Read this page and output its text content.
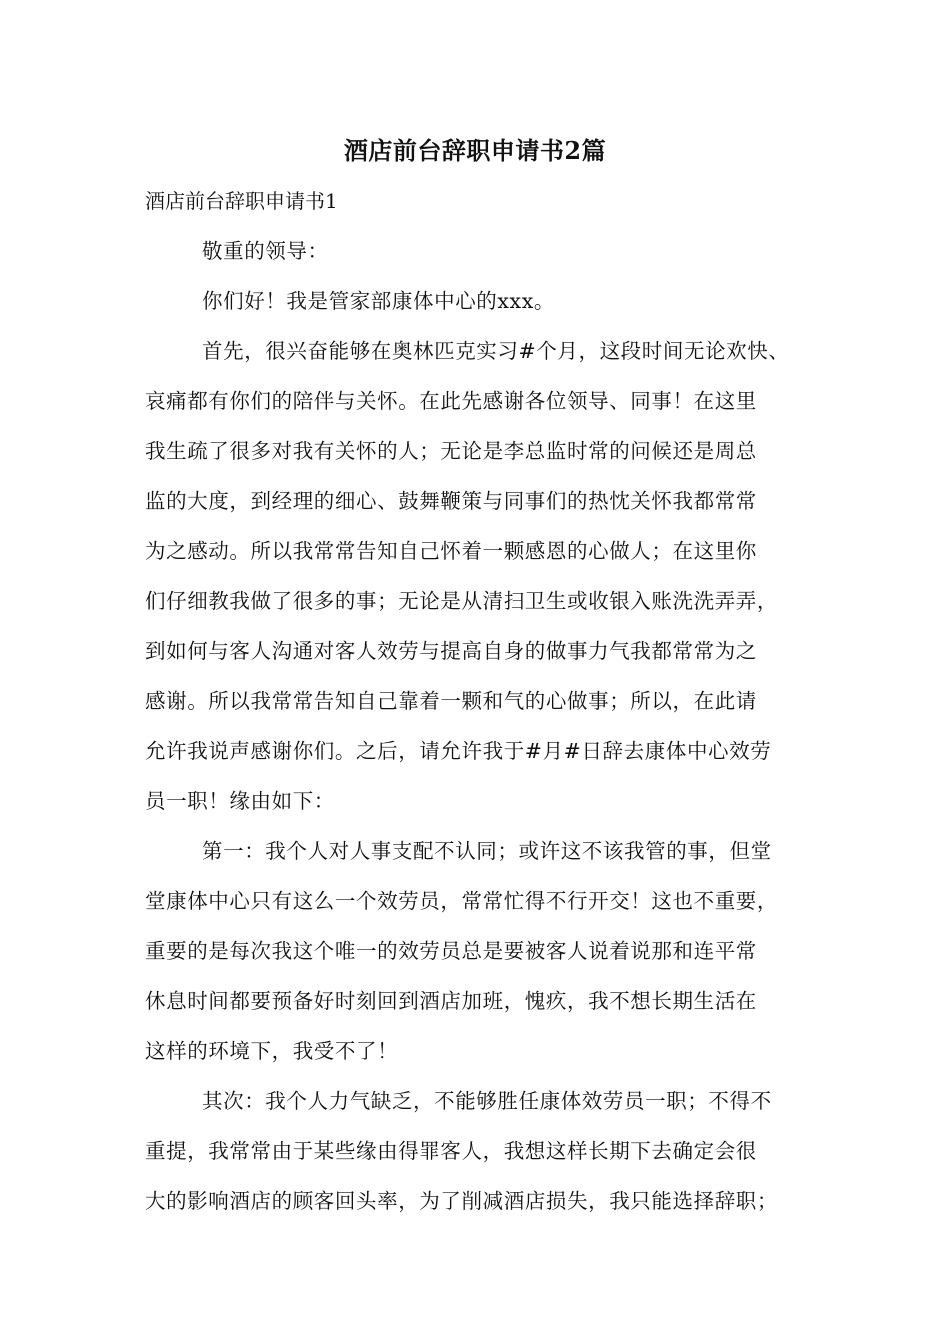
酒店前台辞职申请书2篇
酒店前台辞职申请书1
敬重的领导：
你们好！我是管家部康体中心的xxx。
首先，很兴奋能够在奥林匹克实习#个月，这段时间无论欢快、
哀痛都有你们的陪伴与关怀。在此先感谢各位领导、同事！在这里
我生疏了很多对我有关怀的人；无论是李总监时常的问候还是周总
监的大度，到经理的细心、鼓舞鞭策与同事们的热忱关怀我都常常
为之感动。所以我常常告知自己怀着一颗感恩的心做人；在这里你
们仔细教我做了很多的事；无论是从清扫卫生或收银入账洗洗弄弄，
到如何与客人沟通对客人效劳与提高自身的做事力气我都常常为之
感谢。所以我常常告知自己靠着一颗和气的心做事；所以，在此请
允许我说声感谢你们。之后，请允许我于#月#日辞去康体中心效劳
员一职！缘由如下：
第一：我个人对人事支配不认同；或许这不该我管的事，但堂
堂康体中心只有这么一个效劳员，常常忙得不行开交！这也不重要，
重要的是每次我这个唯一的效劳员总是要被客人说着说那和连平常
休息时间都要预备好时刻回到酒店加班，愧疚，我不想长期生活在
这样的环境下，我受不了！
其次：我个人力气缺乏，不能够胜任康体效劳员一职；不得不
重提，我常常由于某些缘由得罪客人，我想这样长期下去确定会很
大的影响酒店的顾客回头率，为了削减酒店损失，我只能选择辞职；
